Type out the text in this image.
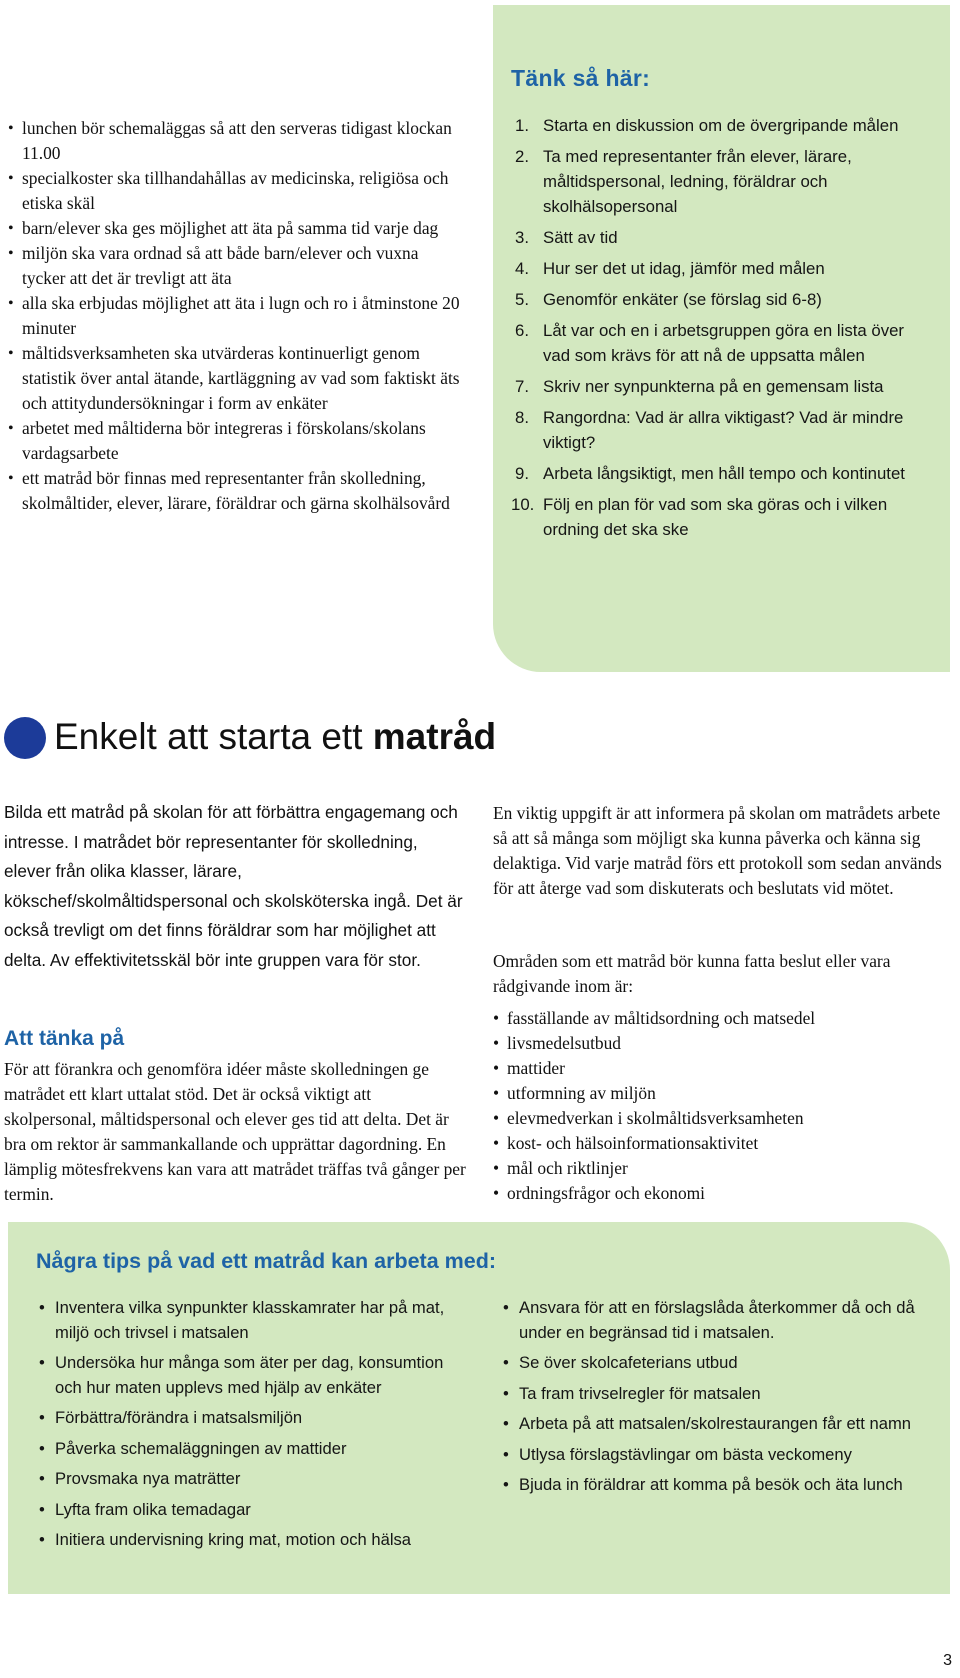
• lunchen bör schemaläggas så att den serveras tidigast klockan 11.00
• specialkoster ska tillhandahållas av medicinska, religiösa och etiska skäl
• barn/elever ska ges möjlighet att äta på samma tid varje dag
• miljön ska vara ordnad så att både barn/elever och vuxna tycker att det är trevligt att äta
• alla ska erbjudas möjlighet att äta i lugn och ro i åtminstone 20 minuter
• måltidsverksamheten ska utvärderas kontinuerligt genom statistik över antal ätande, kartläggning av vad som faktiskt äts och attitydundersökningar i form av enkäter
• arbetet med måltiderna bör integreras i förskolans/skolans vardagsarbete
• ett matråd bör finnas med representanter från skolledning, skolmåltider, elever, lärare, föräldrar och gärna skolhälsovård
Tänk så här:
1. Starta en diskussion om de övergripande målen
2. Ta med representanter från elever, lärare, måltidspersonal, ledning, föräldrar och skolhälsopersonal
3. Sätt av tid
4. Hur ser det ut idag, jämför med målen
5. Genomför enkäter (se förslag sid 6-8)
6. Låt var och en i arbetsgruppen göra en lista över vad som krävs för att nå de uppsatta målen
7. Skriv ner synpunkterna på en gemensam lista
8. Rangordna: Vad är allra viktigast? Vad är mindre viktigt?
9. Arbeta långsiktigt, men håll tempo och kontinutet
10. Följ en plan för vad som ska göras och i vilken ordning det ska ske
Enkelt att starta ett matråd

Bilda ett matråd på skolan för att förbättra engagemang och intresse. I matrådet bör representanter för skolledning, elever från olika klasser, lärare, kökschef/skolmåltidspersonal och skolsköterska ingå. Det är också trevligt om det finns föräldrar som har möjlighet att delta. Av effektivitetsskäl bör inte gruppen vara för stor.

Att tänka på

För att förankra och genomföra idéer måste skolledningen ge matrådet ett klart uttalat stöd. Det är också viktigt att skolpersonal, måltidspersonal och elever ges tid att delta. Det är bra om rektor är sammankallande och upprättar dagordning. En lämplig mötesfrekvens kan vara att matrådet träffas två gånger per termin.

En viktig uppgift är att informera på skolan om matrådets arbete så att så många som möjligt ska kunna påverka och känna sig delaktiga. Vid varje matråd förs ett protokoll som sedan används för att återge vad som diskuterats och beslutats vid mötet.

Områden som ett matråd bör kunna fatta beslut eller vara rådgivande inom är:

• fasställande av måltidsordning och matsedel
• livsmedelsutbud
• mattider
• utformning av miljön
• elevmedverkan i skolmåltidsverksamheten
• kost- och hälsoinformationsaktivitet
• mål och riktlinjer
• ordningsfrågor och ekonomi
Några tips på vad ett matråd kan arbeta med:
• Inventera vilka synpunkter klasskamrater har på mat, miljö och trivsel i matsalen
• Undersöka hur många som äter per dag, konsumtion och hur maten upplevs med hjälp av enkäter
• Förbättra/förändra i matsalsmiljön
• Påverka schemaläggningen av mattider
• Provsmaka nya maträtter
• Lyfta fram olika temadagar
• Initiera undervisning kring mat, motion och hälsa
• Ansvara för att en förslagslåda återkommer då och då under en begränsad tid i matsalen.
• Se över skolcafeterians utbud
• Ta fram trivselregler för matsalen
• Arbeta på att matsalen/skolrestaurangen får ett namn
• Utlysa förslagstävlingar om bästa veckomeny
• Bjuda in föräldrar att komma på besök och äta lunch

3
